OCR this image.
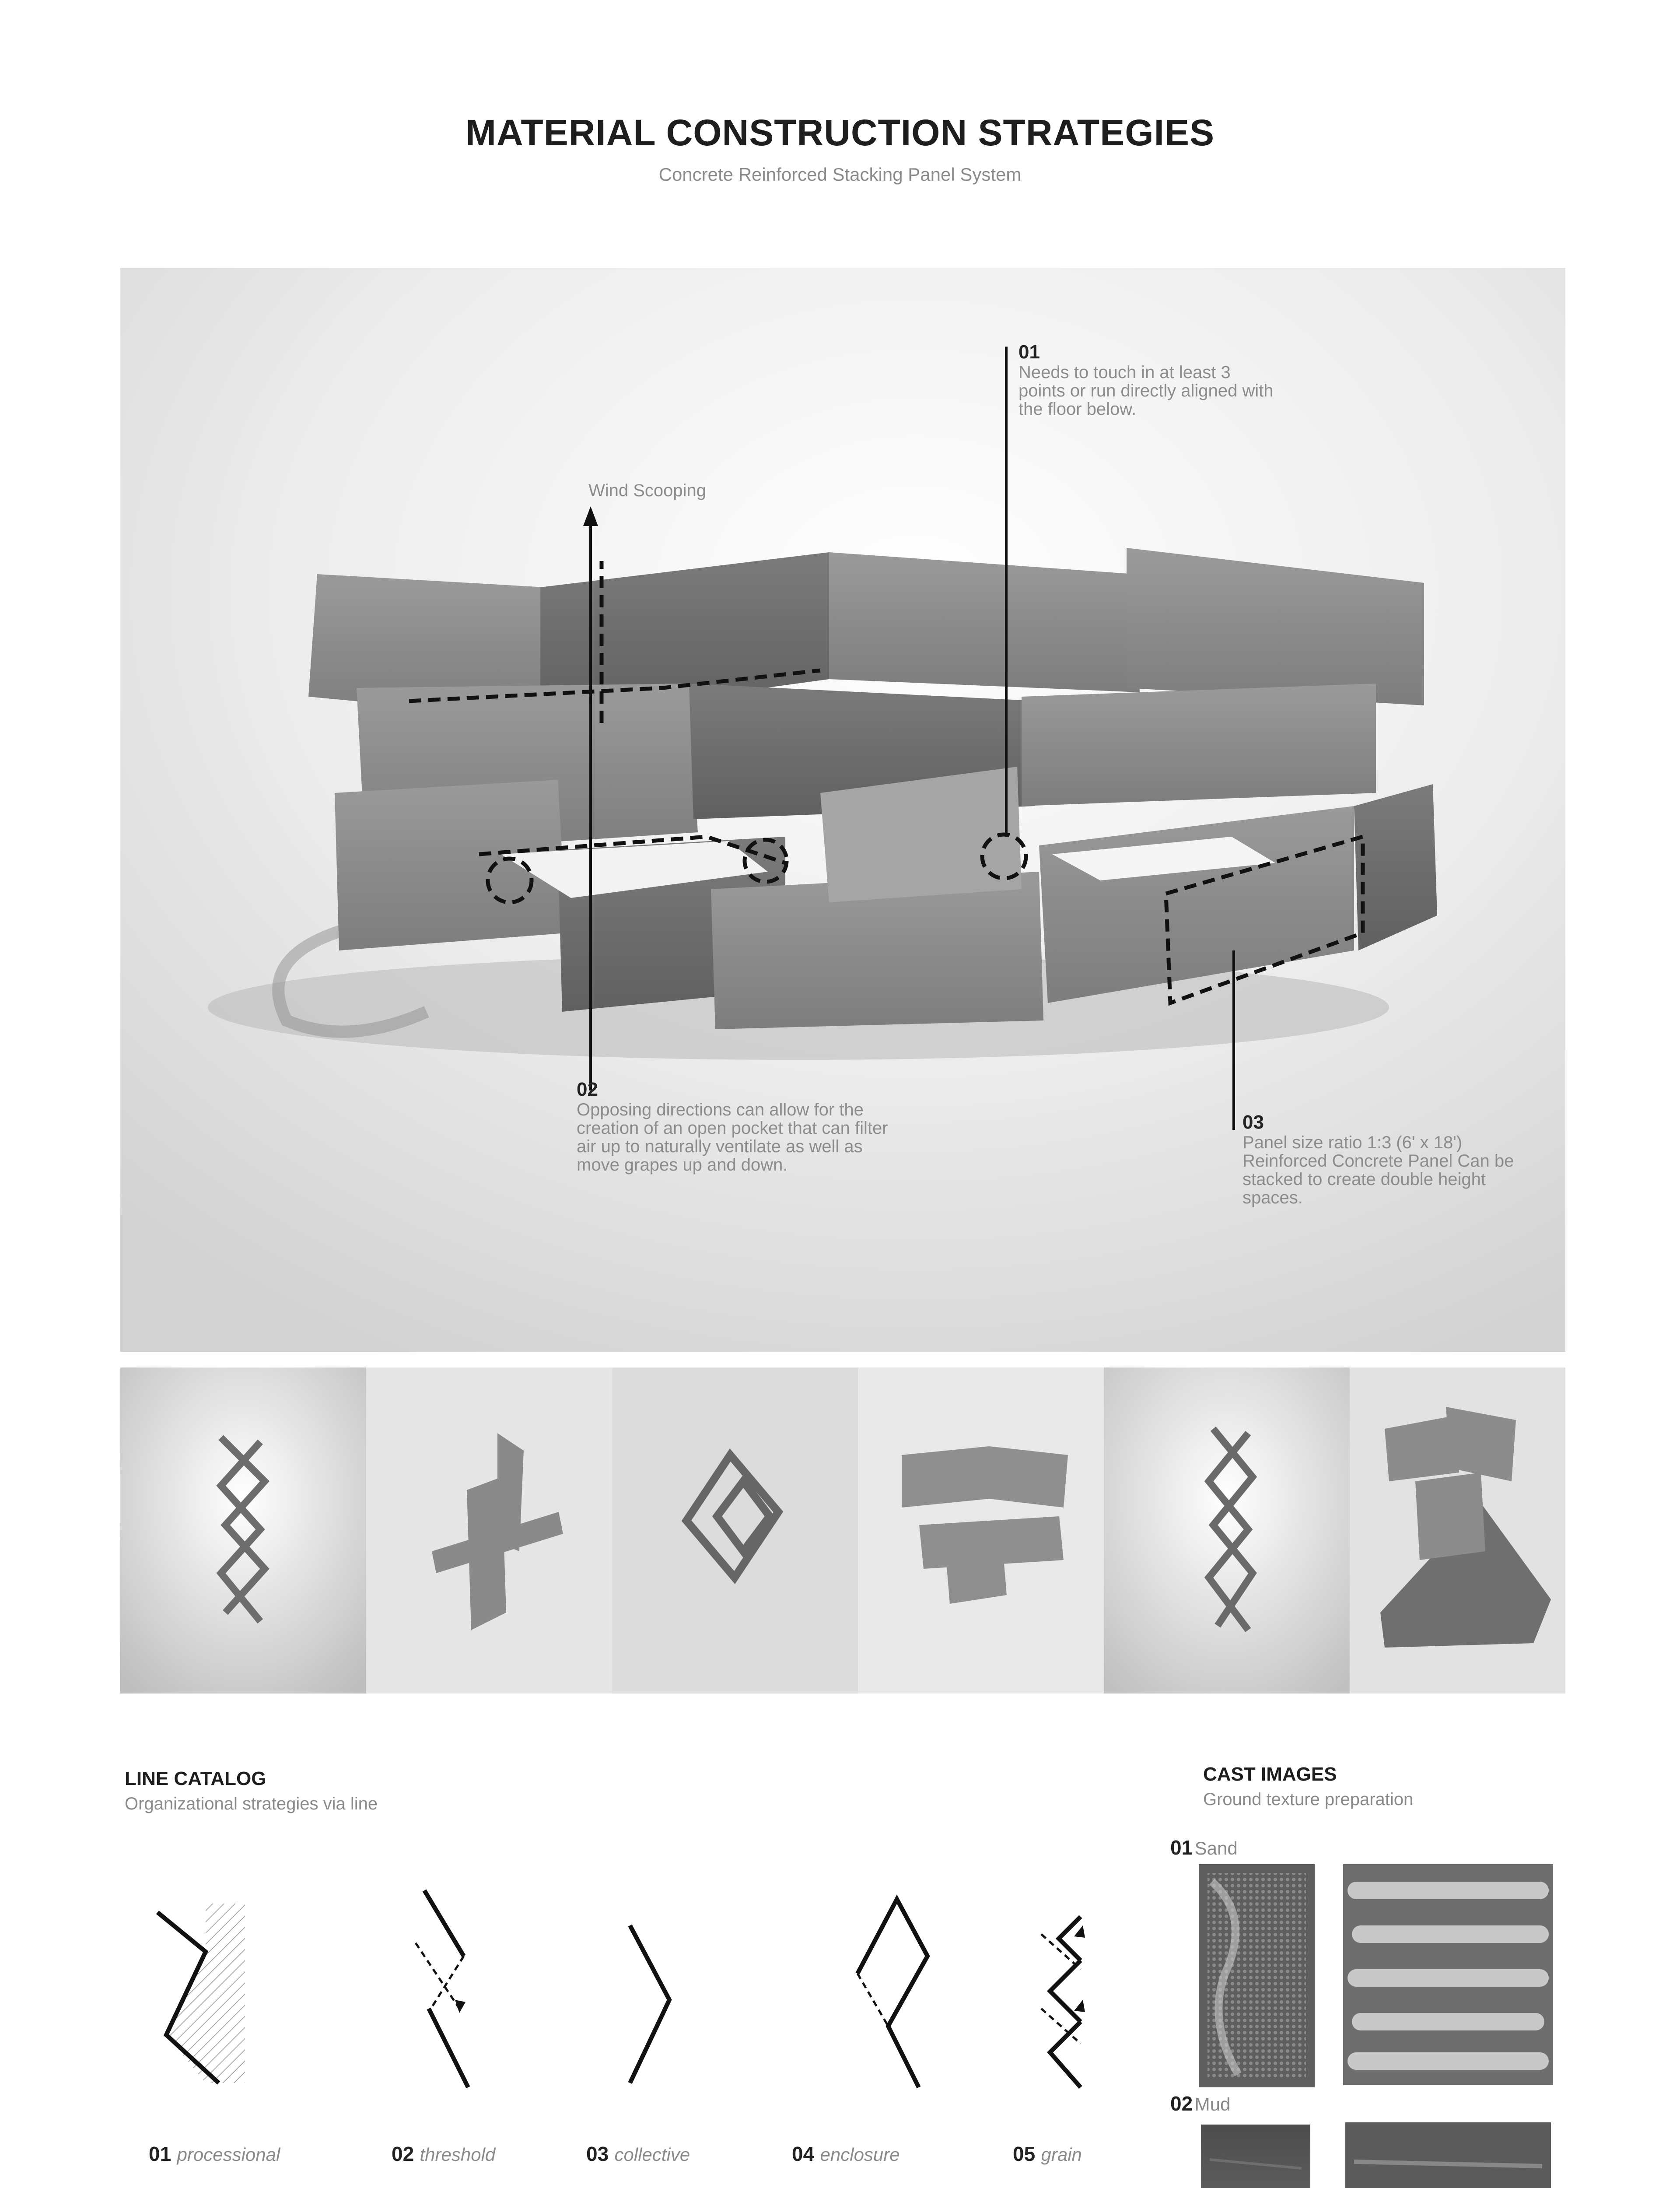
MATERIAL CONSTRUCTION STRATEGIES
Concrete Reinforced Stacking Panel System
Wind Scooping
01
Needs to touch in at least 3 points or run directly aligned with the floor below.
02
Opposing directions can allow for the creation of an open pocket that can filter air up to naturally ventilate as well as move grapes up and down.
03
Panel size ratio 1:3 (6' x 18') Reinforced Concrete Panel Can be stacked to create double height spaces.
LINE CATALOG
Organizational strategies via line
01 processional	02 threshold	03 collective	04 enclosure	05 grain

CAST IMAGES
Ground texture preparation
01 Sand
02 Mud
